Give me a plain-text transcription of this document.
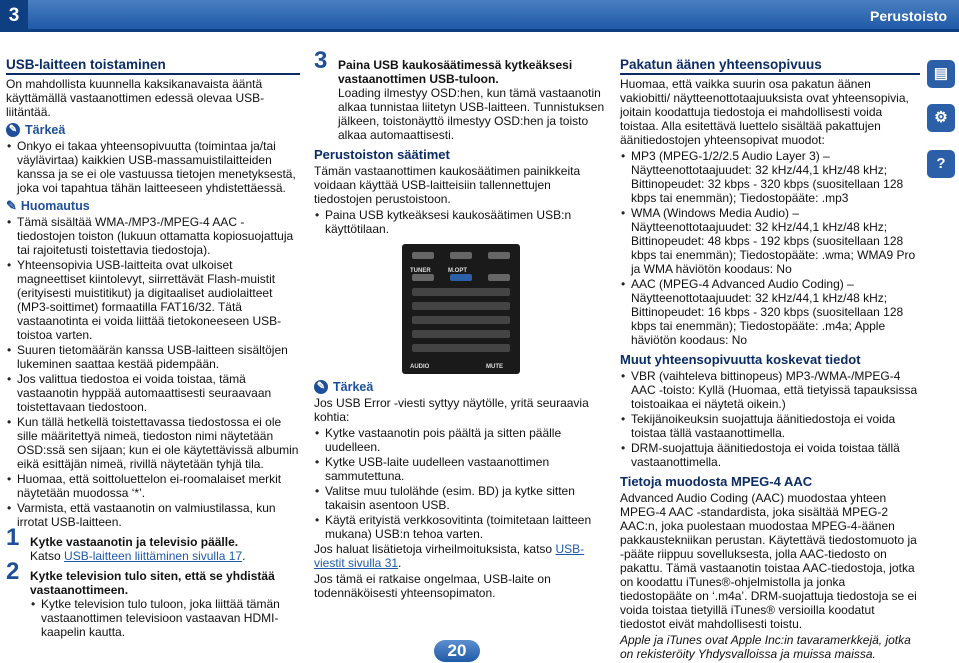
3	Perustoisto
USB-laitteen toistaminen

On mahdollista kuunnella kaksikanavaista ääntä käyttämällä vastaanottimen edessä olevaa USB-liitäntää.

✎ Tärkeä
• Onkyo ei takaa yhteensopivuutta (toimintaa ja/tai väylävirtaa) kaikkien USB-massamuistilaitteiden kanssa ja se ei ole vastuussa tietojen menetyksestä, joka voi tapahtua tähän laitteeseen yhdistettäessä.
✎ Huomautus
• Tämä sisältää WMA-/MP3-/MPEG-4 AAC -tiedostojen toiston (lukuun ottamatta kopiosuojattuja tai rajoitetusti toistettavia tiedostoja).
• Yhteensopivia USB-laitteita ovat ulkoiset magneettiset kiintolevyt, siirrettävät Flash-muistit (erityisesti muistitikut) ja digitaaliset audiolaitteet (MP3-soittimet) formaatilla FAT16/32. Tätä vastaanotinta ei voida liittää tietokoneeseen USB-toistoa varten.
• Suuren tietomäärän kanssa USB-laitteen sisältöjen lukeminen saattaa kestää pidempään.
• Jos valittua tiedostoa ei voida toistaa, tämä vastaanotin hyppää automaattisesti seuraavaan toistettavaan tiedostoon.
• Kun tällä hetkellä toistettavassa tiedostossa ei ole sille määritettyä nimeä, tiedoston nimi näytetään OSD:ssä sen sijaan; kun ei ole käytettävissä albumin eikä esittäjän nimeä, rivillä näytetään tyhjä tila.
• Huomaa, että soittoluettelon ei-roomalaiset merkit näytetään muodossa ‘*’.
• Varmista, että vastaanotin on valmiustilassa, kun irrotat USB-laitteen.
1 Kytke vastaanotin ja televisio päälle.
Katso USB-laitteen liittäminen sivulla 17.
2 Kytke television tulo siten, että se yhdistää vastaanottimeen.
• Kytke television tulo tuloon, joka liittää tämän vastaanottimen televisioon vastaavan HDMI-kaapelin kautta.
3 Paina USB kaukosäätimessä kytkeäksesi vastaanottimen USB-tuloon.
Loading ilmestyy OSD:hen, kun tämä vastaanotin alkaa tunnistaa liitetyn USB-laitteen. Tunnistuksen jälkeen, toistonäyttö ilmestyy OSD:hen ja toisto alkaa automaattisesti.
Perustoiston säätimet

Tämän vastaanottimen kaukosäätimen painikkeita voidaan käyttää USB-laitteisiin tallennettujen tiedostojen perustoistoon.

• Paina USB kytkeäksesi kaukosäätimen USB:n käyttötilaan.
TUNER	M.OPT
AUDIO	MUTE
✎ Tärkeä

Jos USB Error -viesti syttyy näytölle, yritä seuraavia kohtia:

• Kytke vastaanotin pois päältä ja sitten päälle uudelleen.
• Kytke USB-laite uudelleen vastaanottimen sammutettuna.
• Valitse muu tulolähde (esim. BD) ja kytke sitten takaisin asentoon USB.
• Käytä erityistä verkkosovitinta (toimitetaan laitteen mukana) USB:n tehoa varten.

Jos haluat lisätietoja virheilmoituksista, katso USB-viestit sivulla 31.

Jos tämä ei ratkaise ongelmaa, USB-laite on todennäköisesti yhteensopimaton.

Pakatun äänen yhteensopivuus

Huomaa, että vaikka suurin osa pakatun äänen vakiobitti/ näytteenottotaajuuksista ovat yhteensopivia, joitain koodattuja tiedostoja ei mahdollisesti voida toistaa. Alla esitettävä luettelo sisältää pakattujen äänitiedostojen yhteensopivat muodot:

• MP3 (MPEG-1/2/2.5 Audio Layer 3) – Näytteenottotaajuudet: 32 kHz/44,1 kHz/48 kHz; Bittinopeudet: 32 kbps - 320 kbps (suositellaan 128 kbps tai enemmän); Tiedostopääte: .mp3
• WMA (Windows Media Audio) – Näytteenottotaajuudet: 32 kHz/44,1 kHz/48 kHz; Bittinopeudet: 48 kbps - 192 kbps (suositellaan 128 kbps tai enemmän); Tiedostopääte: .wma; WMA9 Pro ja WMA häviötön koodaus: No
• AAC (MPEG-4 Advanced Audio Coding) – Näytteenottotaajuudet: 32 kHz/44,1 kHz/48 kHz; Bittinopeudet: 16 kbps - 320 kbps (suositellaan 128 kbps tai enemmän); Tiedostopääte: .m4a; Apple häviötön koodaus: No
Muut yhteensopivuutta koskevat tiedot
• VBR (vaihteleva bittinopeus) MP3-/WMA-/MPEG-4 AAC -toisto: Kyllä (Huomaa, että tietyissä tapauksissa toistoaikaa ei näytetä oikein.)
• Tekijänoikeuksin suojattuja äänitiedostoja ei voida toistaa tällä vastaanottimella.
• DRM-suojattuja äänitiedostoja ei voida toistaa tällä vastaanottimella.
Tietoja muodosta MPEG-4 AAC

Advanced Audio Coding (AAC) muodostaa yhteen MPEG-4 AAC -standardista, joka sisältää MPEG-2 AAC:n, joka puolestaan muodostaa MPEG-4-äänen pakkaustekniikan perustan. Käytettävä tiedostomuoto ja -pääte riippuu sovelluksesta, jolla AAC-tiedosto on pakattu. Tämä vastaanotin toistaa AAC-tiedostoja, jotka on koodattu iTunes®-ohjelmistolla ja jonka tiedostopääte on ‘.m4a’. DRM-suojattuja tiedostoja se ei voida toistaa tietyillä iTunes® versioilla koodatut tiedostot eivät mahdollisesti toistu.

Apple ja iTunes ovat Apple Inc:in tavaramerkkejä, jotka on rekisteröity Yhdysvalloissa ja muissa maissa.

▤
⚙
?
20
